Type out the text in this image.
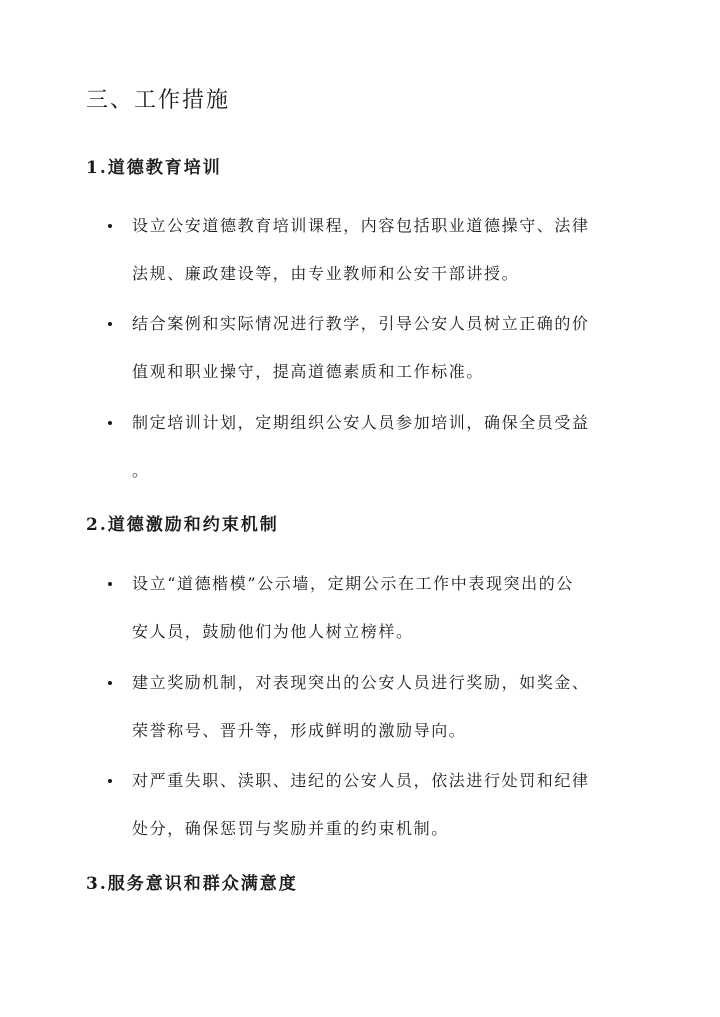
三、工作措施
1.道德教育培训
设立公安道德教育培训课程，内容包括职业道德操守、法律
法规、廉政建设等，由专业教师和公安干部讲授。
结合案例和实际情况进行教学，引导公安人员树立正确的价
值观和职业操守，提高道德素质和工作标准。
制定培训计划，定期组织公安人员参加培训，确保全员受益
。
2.道德激励和约束机制
设立“道德楷模”公示墙，定期公示在工作中表现突出的公
安人员，鼓励他们为他人树立榜样。
建立奖励机制，对表现突出的公安人员进行奖励，如奖金、
荣誉称号、晋升等，形成鲜明的激励导向。
对严重失职、渎职、违纪的公安人员，依法进行处罚和纪律
处分，确保惩罚与奖励并重的约束机制。
3.服务意识和群众满意度
